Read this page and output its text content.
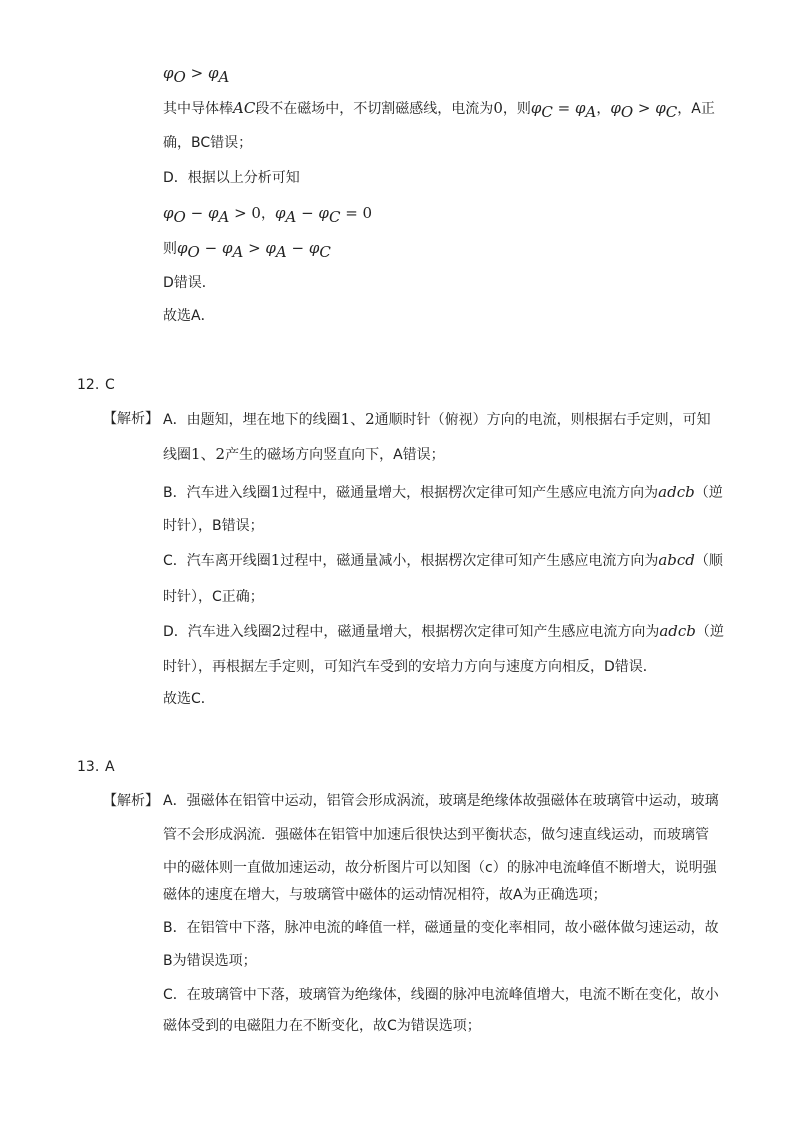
$\varphi_O > \varphi_A$
其中导体棒AC段不在磁场中，不切割磁感线，电流为0，则$\varphi_C = \varphi_A$，$\varphi_O > \varphi_C$，A正
确，BC错误；
D．根据以上分析可知
$\varphi_O - \varphi_A > 0$，$\varphi_A - \varphi_C = 0$
则$\varphi_O - \varphi_A > \varphi_A - \varphi_C$
D错误．
故选A．
12. C
【解析】 A．由题知，埋在地下的线圈1、2通顺时针（俯视）方向的电流，则根据右手定则，可知
线圈1、2产生的磁场方向竖直向下，A错误；
B．汽车进入线圈1过程中，磁通量增大，根据楞次定律可知产生感应电流方向为adcb（逆
时针），B错误；
C．汽车离开线圈1过程中，磁通量减小，根据楞次定律可知产生感应电流方向为abcd（顺
时针），C正确；
D．汽车进入线圈2过程中，磁通量增大，根据楞次定律可知产生感应电流方向为adcb（逆
时针），再根据左手定则，可知汽车受到的安培力方向与速度方向相反，D错误．
故选C．
13. A
【解析】 A．强磁体在铝管中运动，铝管会形成涡流，玻璃是绝缘体故强磁体在玻璃管中运动，玻璃
管不会形成涡流．强磁体在铝管中加速后很快达到平衡状态，做匀速直线运动，而玻璃管
中的磁体则一直做加速运动，故分析图片可以知图（c）的脉冲电流峰值不断增大，说明强
磁体的速度在增大，与玻璃管中磁体的运动情况相符，故A为正确选项；
B．在铝管中下落，脉冲电流的峰值一样，磁通量的变化率相同，故小磁体做匀速运动，故
B为错误选项；
C．在玻璃管中下落，玻璃管为绝缘体，线圈的脉冲电流峰值增大，电流不断在变化，故小
磁体受到的电磁阻力在不断变化，故C为错误选项；
